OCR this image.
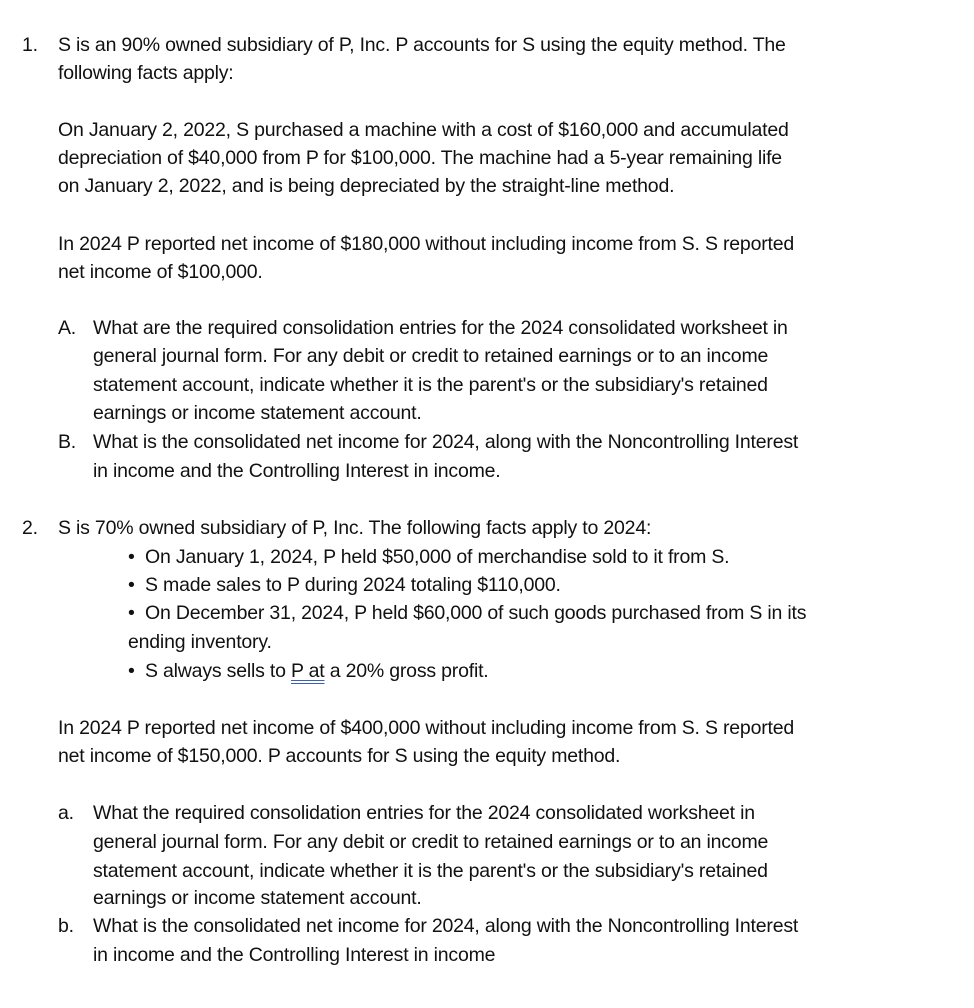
1. S is an 90% owned subsidiary of P, Inc. P accounts for S using the equity method. The
following facts apply:
On January 2, 2022, S purchased a machine with a cost of $160,000 and accumulated
depreciation of $40,000 from P for $100,000. The machine had a 5-year remaining life
on January 2, 2022, and is being depreciated by the straight-line method.
In 2024 P reported net income of $180,000 without including income from S. S reported
net income of $100,000.
A. What are the required consolidation entries for the 2024 consolidated worksheet in
general journal form. For any debit or credit to retained earnings or to an income
statement account, indicate whether it is the parent's or the subsidiary's retained
earnings or income statement account.
B. What is the consolidated net income for 2024, along with the Noncontrolling Interest
in income and the Controlling Interest in income.
2. S is 70% owned subsidiary of P, Inc. The following facts apply to 2024:
• On January 1, 2024, P held $50,000 of merchandise sold to it from S.
• S made sales to P during 2024 totaling $110,000.
• On December 31, 2024, P held $60,000 of such goods purchased from S in its
ending inventory.
• S always sells to P at a 20% gross profit.
In 2024 P reported net income of $400,000 without including income from S. S reported
net income of $150,000. P accounts for S using the equity method.
a. What the required consolidation entries for the 2024 consolidated worksheet in
general journal form. For any debit or credit to retained earnings or to an income
statement account, indicate whether it is the parent's or the subsidiary's retained
earnings or income statement account.
b. What is the consolidated net income for 2024, along with the Noncontrolling Interest
in income and the Controlling Interest in income
